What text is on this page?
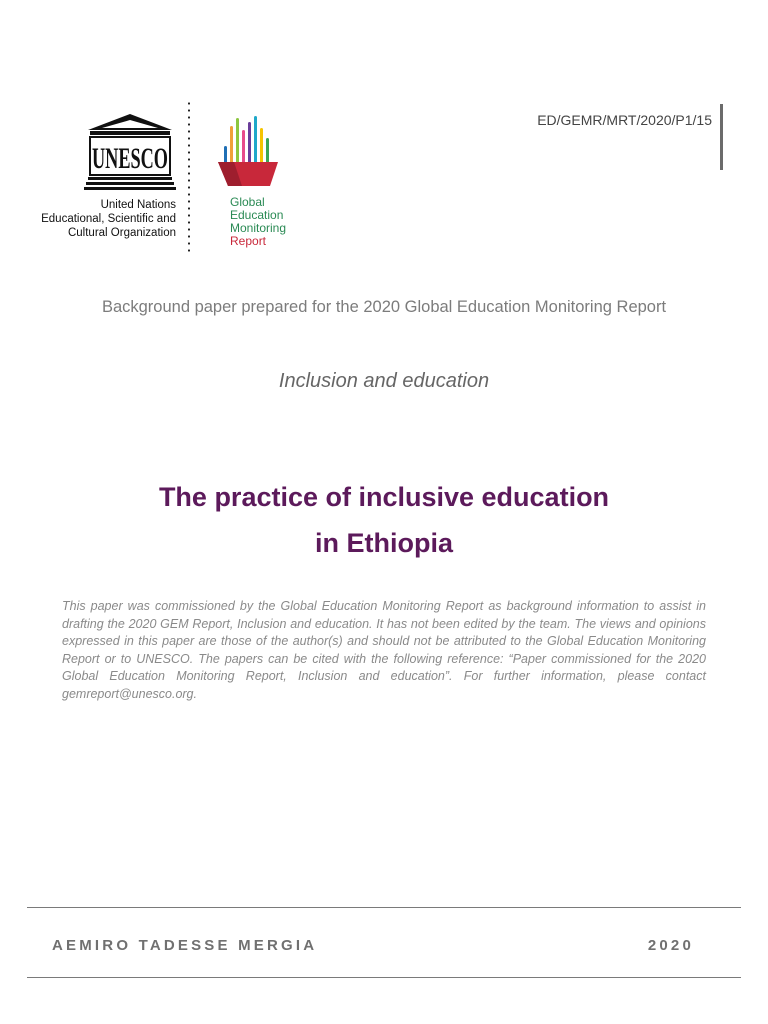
UNESCO
United Nations
Educational, Scientific and
Cultural Organization
Global
Education
Monitoring
Report
ED/GEMR/MRT/2020/P1/15
Background paper prepared for the 2020 Global Education Monitoring Report
Inclusion and education
The practice of inclusive education
in Ethiopia
This paper was commissioned by the Global Education Monitoring Report as background information to assist in drafting the 2020 GEM Report, Inclusion and education. It has not been edited by the team. The views and opinions expressed in this paper are those of the author(s) and should not be attributed to the Global Education Monitoring Report or to UNESCO. The papers can be cited with the following reference: “Paper commissioned for the 2020 Global Education Monitoring Report, Inclusion and education”. For further information, please contact gemreport@unesco.org.
AEMIRO TADESSE MERGIA	2020
